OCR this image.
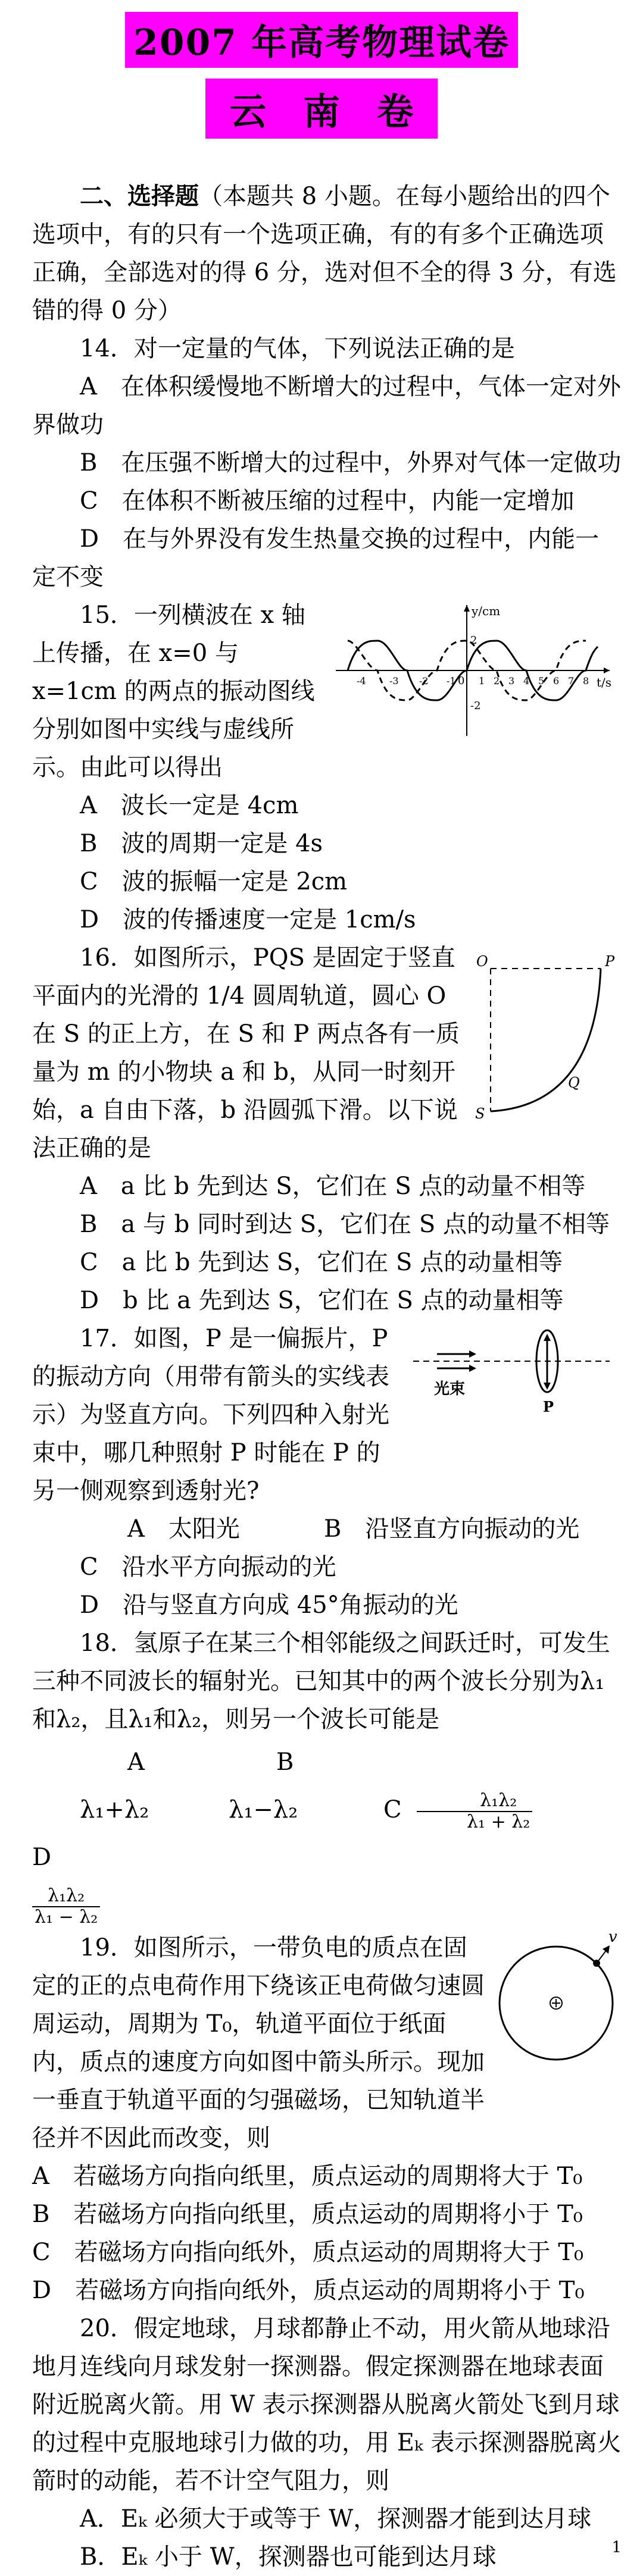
2007 年高考物理试卷
云 南 卷

二、选择题（本题共 8 小题。在每小题给出的四个选项中，有的只有一个选项正确，有的有多个正确选项正确，全部选对的得 6 分，选对但不全的得 3 分，有选错的得 0 分）

14．对一定量的气体，下列说法正确的是

A　在体积缓慢地不断增大的过程中，气体一定对外界做功

B　在压强不断增大的过程中，外界对气体一定做功

C　在体积不断被压缩的过程中，内能一定增加

D　在与外界没有发生热量交换的过程中，内能一定不变

15．一列横波在 x 轴上传播，在 x=0 与 x=1cm 的两点的振动图线分别如图中实线与虚线所示。由此可以得出

y/cm
t/s
2
-2
0 1 2 3 4 5 6 7 8
-1
-2
-3
-4

A　波长一定是 4cm

B　波的周期一定是 4s

C　波的振幅一定是 2cm

D　波的传播速度一定是 1cm/s

16．如图所示，PQS 是固定于竖直平面内的光滑的 1/4 圆周轨道，圆心 O 在 S 的正上方，在 S 和 P 两点各有一质量为 m 的小物块 a 和 b，从同一时刻开始，a 自由下落，b 沿圆弧下滑。以下说法正确的是

O	P
Q
S

A　a 比 b 先到达 S，它们在 S 点的动量不相等

B　a 与 b 同时到达 S，它们在 S 点的动量不相等

C　a 比 b 先到达 S，它们在 S 点的动量相等

D　b 比 a 先到达 S，它们在 S 点的动量相等

17．如图，P 是一偏振片，P 的振动方向（用带有箭头的实线表示）为竖直方向。下列四种入射光束中，哪几种照射 P 时能在 P 的另一侧观察到透射光?

光束
P

A　太阳光	B　沿竖直方向振动的光

C　沿水平方向振动的光

D　沿与竖直方向成 45°角振动的光

18．氢原子在某三个相邻能级之间跃迁时，可发生三种不同波长的辐射光。已知其中的两个波长分别为λ₁和λ₂，且λ₁和λ₂，则另一个波长可能是

A　λ₁+λ₂B　λ₁−λ₂	C $\frac{\text{λ₁λ₂}}{\text{λ₁ + λ₂}}$
D

$\frac{\text{λ₁λ₂}}{\text{λ₁ − λ₂}}$

19．如图所示，一带负电的质点在固定的正的点电荷作用下绕该正电荷做匀速圆周运动，周期为 T₀，轨道平面位于纸面内，质点的速度方向如图中箭头所示。现加一垂直于轨道平面的匀强磁场，已知轨道半径并不因此而改变，则

v

A　若磁场方向指向纸里，质点运动的周期将大于 T₀

B　若磁场方向指向纸里，质点运动的周期将小于 T₀

C　若磁场方向指向纸外，质点运动的周期将大于 T₀

D　若磁场方向指向纸外，质点运动的周期将小于 T₀

20．假定地球，月球都静止不动，用火箭从地球沿地月连线向月球发射一探测器。假定探测器在地球表面附近脱离火箭。用 W 表示探测器从脱离火箭处飞到月球的过程中克服地球引力做的功，用 Eₖ 表示探测器脱离火箭时的动能，若不计空气阻力，则

A．Eₖ 必须大于或等于 W，探测器才能到达月球

B．Eₖ 小于 W，探测器也可能到达月球	1
